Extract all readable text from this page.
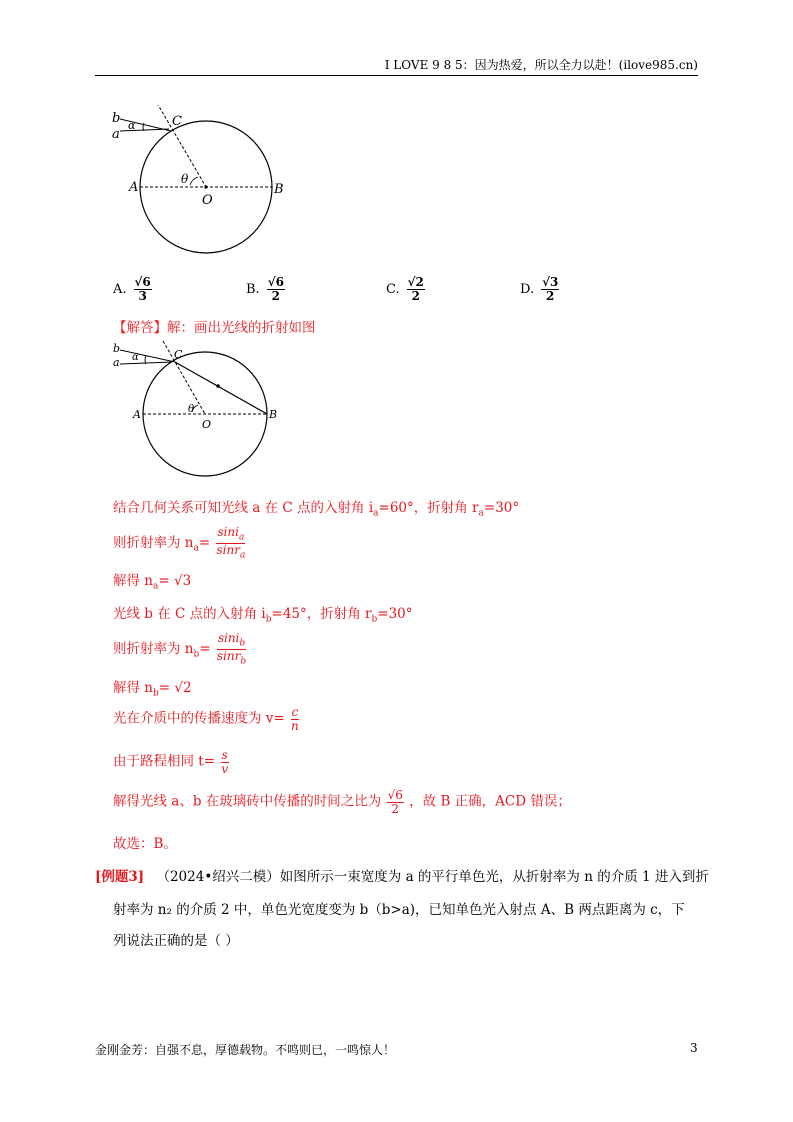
I LOVE 9 8 5：因为热爱，所以全力以赴！(ilove985.cn)
b
a
α	C
θ
A
O
B
A. $\frac{√6}{3}$	B. $\frac{√6}{2}$	C. $\frac{√2}{2}$	D. $\frac{√3}{2}$
【解答】解：画出光线的折射如图
b
a α	C
θ
A
O
B
结合几何关系可知光线 a 在 C 点的入射角 $i_a=60^\circ$，折射角 $r_a=30^\circ$
则折射率为 $n_a= \frac{\sin i_a}{\sin r_a}$
解得 $n_a= √3$
光线 b 在 C 点的入射角 $i_b=45^\circ$，折射角 $r_b=30^\circ$
则折射率为 $n_b= \frac{\sin i_b}{\sin r_b}$
解得 $n_b= √2$
光在介质中的传播速度为 $v= \frac{c}{n}$
由于路程相同 $t= \frac{s}{v}$
解得光线 a、b 在玻璃砖中传播的时间之比为 $\frac{√6}{2}$ ，故 B 正确，ACD 错误；
故选：B。
[例题3] （2024•绍兴二模）如图所示一束宽度为 a 的平行单色光，从折射率为 n 的介质 1 进入到折
射率为 n₂ 的介质 2 中，单色光宽度变为 b（b>a)，已知单色光入射点 A、B 两点距离为 c，下
列说法正确的是（ ）
金刚金芳：自强不息，厚德载物。不鸣则已，一鸣惊人！	3
